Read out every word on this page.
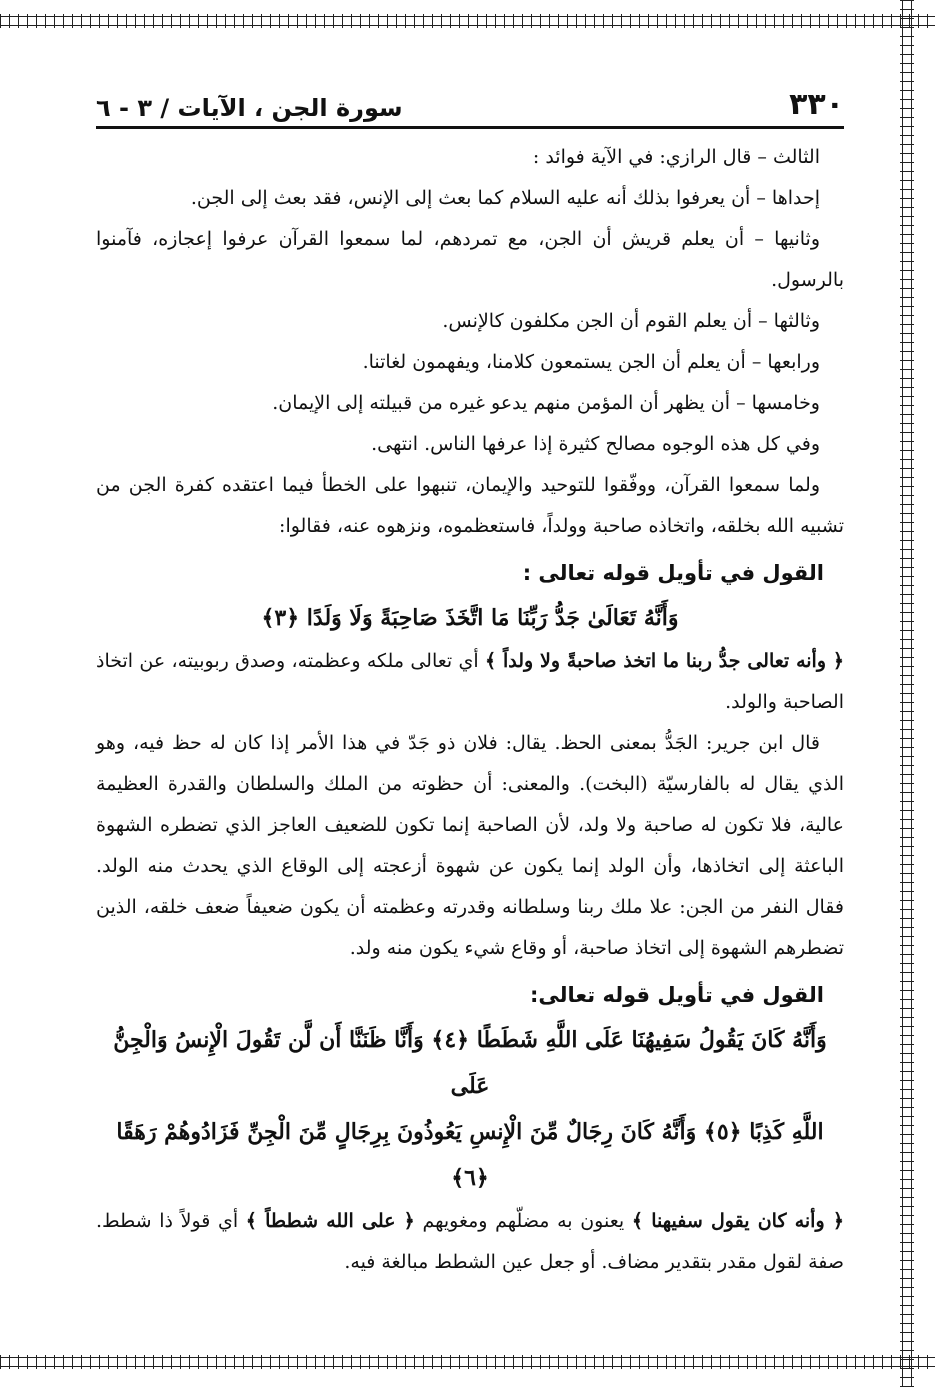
٣٣٠
سورة الجن ، الآيات / ٣ - ٦

الثالث – قال الرازي: في الآية فوائد :

إحداها – أن يعرفوا بذلك أنه عليه السلام كما بعث إلى الإنس، فقد بعث إلى الجن.

وثانيها – أن يعلم قريش أن الجن، مع تمردهم، لما سمعوا القرآن عرفوا إعجازه، فآمنوا بالرسول.

وثالثها – أن يعلم القوم أن الجن مكلفون كالإنس.

ورابعها – أن يعلم أن الجن يستمعون كلامنا، ويفهمون لغاتنا.

وخامسها – أن يظهر أن المؤمن منهم يدعو غيره من قبيلته إلى الإيمان.

وفي كل هذه الوجوه مصالح كثيرة إذا عرفها الناس. انتهى.

ولما سمعوا القرآن، ووفّقوا للتوحيد والإيمان، تنبهوا على الخطأ فيما اعتقده كفرة الجن من تشبيه الله بخلقه، واتخاذه صاحبة وولداً، فاستعظموه، ونزهوه عنه، فقالوا:

القول في تأويل قوله تعالى :

وَأَنَّهُ تَعَالَىٰ جَدُّ رَبِّنَا مَا اتَّخَذَ صَاحِبَةً وَلَا وَلَدًا ﴿٣﴾

﴿ وأنه تعالى جدُّ ربنا ما اتخذ صاحبةً ولا ولداً ﴾ أي تعالى ملكه وعظمته، وصدق ربوبيته، عن اتخاذ الصاحبة والولد.

قال ابن جرير: الجَدُّ بمعنى الحظ. يقال: فلان ذو جَدّ في هذا الأمر إذا كان له حظ فيه، وهو الذي يقال له بالفارسيّة (البخت). والمعنى: أن حظوته من الملك والسلطان والقدرة العظيمة عالية، فلا تكون له صاحبة ولا ولد، لأن الصاحبة إنما تكون للضعيف العاجز الذي تضطره الشهوة الباعثة إلى اتخاذها، وأن الولد إنما يكون عن شهوة أزعجته إلى الوقاع الذي يحدث منه الولد. فقال النفر من الجن: علا ملك ربنا وسلطانه وقدرته وعظمته أن يكون ضعيفاً ضعف خلقه، الذين تضطرهم الشهوة إلى اتخاذ صاحبة، أو وقاع شيء يكون منه ولد.

القول في تأويل قوله تعالى:

وَأَنَّهُ كَانَ يَقُولُ سَفِيهُنَا عَلَى اللَّهِ شَطَطًا ﴿٤﴾ وَأَنَّا ظَنَنَّا أَن لَّن تَقُولَ الْإِنسُ وَالْجِنُّ عَلَى

اللَّهِ كَذِبًا ﴿٥﴾ وَأَنَّهُ كَانَ رِجَالٌ مِّنَ الْإِنسِ يَعُوذُونَ بِرِجَالٍ مِّنَ الْجِنِّ فَزَادُوهُمْ رَهَقًا ﴿٦﴾

﴿ وأنه كان يقول سفيهنا ﴾ يعنون به مضلّهم ومغويهم ﴿ على الله شططاً ﴾ أي قولاً ذا شطط. صفة لقول مقدر بتقدير مضاف. أو جعل عين الشطط مبالغة فيه.
